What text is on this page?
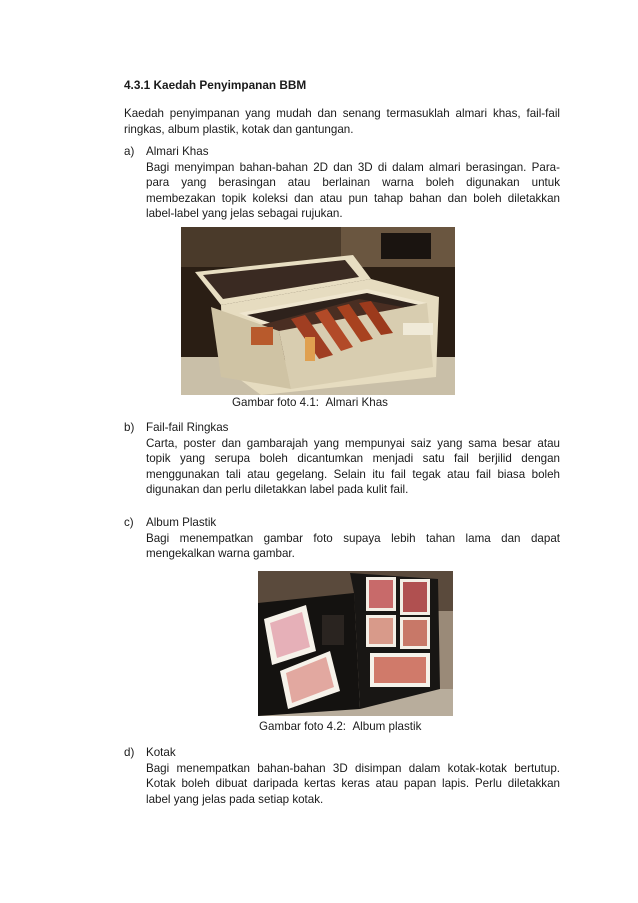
4.3.1 Kaedah Penyimpanan BBM
Kaedah penyimpanan yang mudah dan senang termasuklah almari khas, fail-fail ringkas, album plastik, kotak dan gantungan.
a) Almari Khas
Bagi menyimpan bahan-bahan 2D dan 3D di dalam almari berasingan. Para-para yang berasingan atau berlainan warna boleh digunakan untuk membezakan topik koleksi dan atau pun tahap bahan dan boleh diletakkan label-label yang jelas sebagai rujukan.
Gambar foto 4.1: Almari Khas
b) Fail-fail Ringkas
Carta, poster dan gambarajah yang mempunyai saiz yang sama besar atau topik yang serupa boleh dicantumkan menjadi satu fail berjilid dengan menggunakan tali atau gegelang. Selain itu fail tegak atau fail biasa boleh digunakan dan perlu diletakkan label pada kulit fail.
c) Album Plastik
Bagi menempatkan gambar foto supaya lebih tahan lama dan dapat mengekalkan warna gambar.
Gambar foto 4.2: Album plastik
d) Kotak
Bagi menempatkan bahan-bahan 3D disimpan dalam kotak-kotak bertutup. Kotak boleh dibuat daripada kertas keras atau papan lapis. Perlu diletakkan label yang jelas pada setiap kotak.
